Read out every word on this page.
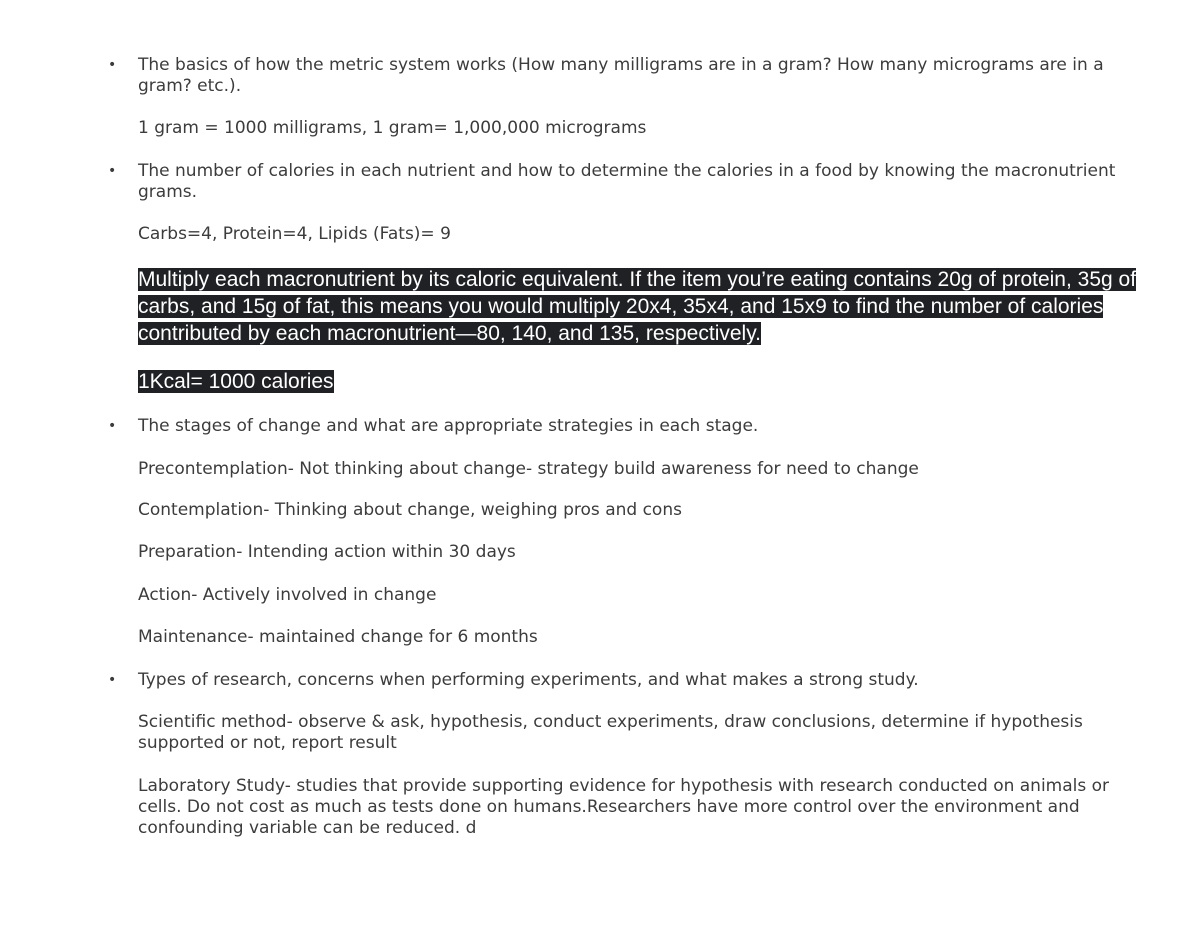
•	The basics of how the metric system works (How many milligrams are in a gram? How many micrograms are in a gram? etc.).
1 gram = 1000 milligrams, 1 gram= 1,000,000 micrograms
•	The number of calories in each nutrient and how to determine the calories in a food by knowing the macronutrient grams.
Carbs=4, Protein=4, Lipids (Fats)= 9
Multiply each macronutrient by its caloric equivalent. If the item you’re eating contains 20g of protein, 35g of carbs, and 15g of fat, this means you would multiply 20x4, 35x4, and 15x9 to find the number of calories contributed by each macronutrient—80, 140, and 135, respectively.
1Kcal= 1000 calories
•	The stages of change and what are appropriate strategies in each stage.
Precontemplation- Not thinking about change- strategy build awareness for need to change
Contemplation- Thinking about change, weighing pros and cons
Preparation- Intending action within 30 days
Action- Actively involved in change
Maintenance- maintained change for 6 months
•	Types of research, concerns when performing experiments, and what makes a strong study.
Scientific method- observe & ask, hypothesis, conduct experiments, draw conclusions, determine if hypothesis supported or not, report result
Laboratory Study- studies that provide supporting evidence for hypothesis with research conducted on animals or cells. Do not cost as much as tests done on humans.Researchers have more control over the environment and confounding variable can be reduced. d
